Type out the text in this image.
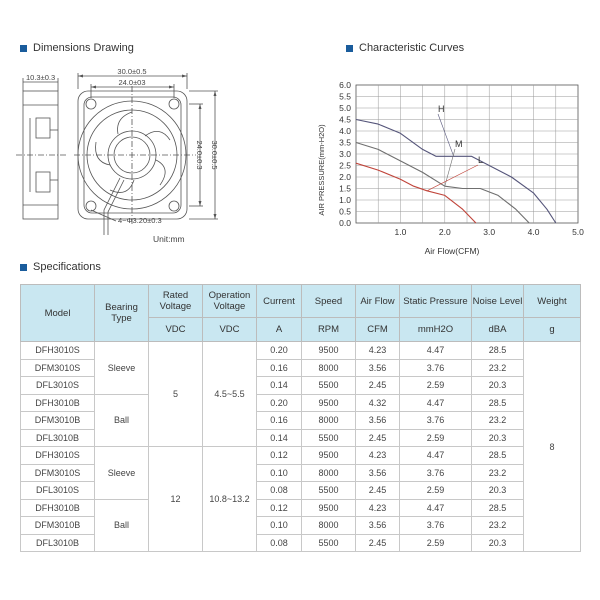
Dimensions Drawing	Characteristic Curves
Specifications
10.3±0.3
30.0±0.5
24.0±03
24.0±0.3 30.0±0.5
4~Φ3.20±0.3
Unit:mm
0.0
0.5
1.0
1.5
2.0
2.5
3.0
3.5
4.0
4.5
5.0
5.5
6.0
1.0	2.0	3.0	4.0	5.0
H
M
L
Air Flow(CFM)
AIR PRESSURE(mm-H2O)
Model	Bearing Type	Rated Voltage	Operation Voltage	Current	Speed	Air Flow	Static Pressure	Noise Level	Weight
		VDC	VDC	A	RPM	CFM	mmH2O	dBA	g
DFH3010S	Sleeve	5	4.5~5.5	0.20	9500	4.23	4.47	28.5	8
DFM3010S				0.16	8000	3.56	3.76	23.2	
DFL3010S				0.14	5500	2.45	2.59	20.3	
DFH3010B	Ball			0.20	9500	4.32	4.47	28.5	
DFM3010B				0.16	8000	3.56	3.76	23.2	
DFL3010B				0.14	5500	2.45	2.59	20.3	
DFH3010S	Sleeve	12	10.8~13.2	0.12	9500	4.23	4.47	28.5	
DFM3010S				0.10	8000	3.56	3.76	23.2	
DFL3010S				0.08	5500	2.45	2.59	20.3	
DFH3010B	Ball			0.12	9500	4.23	4.47	28.5	
DFM3010B				0.10	8000	3.56	3.76	23.2	
DFL3010B				0.08	5500	2.45	2.59	20.3	
